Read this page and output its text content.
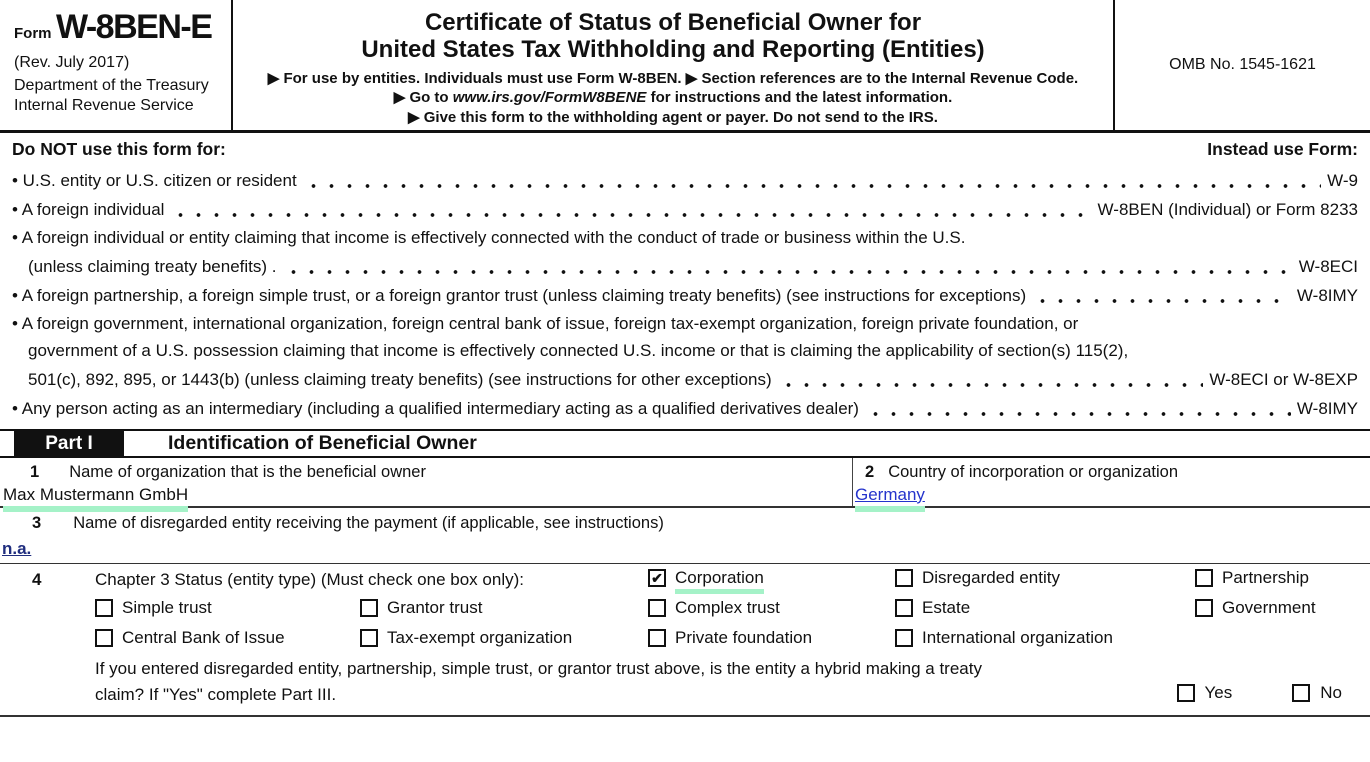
Form W-8BEN-E
(Rev. July 2017)
Department of the Treasury
Internal Revenue Service
Certificate of Status of Beneficial Owner for
United States Tax Withholding and Reporting (Entities)
▶ For use by entities. Individuals must use Form W-8BEN. ▶ Section references are to the Internal Revenue Code.
▶ Go to www.irs.gov/FormW8BENE for instructions and the latest information.
▶ Give this form to the withholding agent or payer. Do not send to the IRS.
OMB No. 1545-1621
Do NOT use this form for:	Instead use Form:
• U.S. entity or U.S. citizen or resident	W-9
• A foreign individual	W-8BEN (Individual) or Form 8233
• A foreign individual or entity claiming that income is effectively connected with the conduct of trade or business within the U.S.
(unless claiming treaty benefits) .	W-8ECI
• A foreign partnership, a foreign simple trust, or a foreign grantor trust (unless claiming treaty benefits) (see instructions for exceptions)	W-8IMY
• A foreign government, international organization, foreign central bank of issue, foreign tax-exempt organization, foreign private foundation, or
government of a U.S. possession claiming that income is effectively connected U.S. income or that is claiming the applicability of section(s) 115(2),
501(c), 892, 895, or 1443(b) (unless claiming treaty benefits) (see instructions for other exceptions)	W-8ECI or W-8EXP
• Any person acting as an intermediary (including a qualified intermediary acting as a qualified derivatives dealer)	W-8IMY
Part I	Identification of Beneficial Owner
1	Name of organization that is the beneficial owner
Max Mustermann GmbH
2 Country of incorporation or organization
Germany
3	Name of disregarded entity receiving the payment (if applicable, see instructions)
n.a.
4	Chapter 3 Status (entity type) (Must check one box only):	✔ Corporation	Disregarded entity	Partnership
Simple trust	Grantor trust	Complex trust	Estate	Government
Central Bank of Issue	Tax-exempt organization	Private foundation	International organization
If you entered disregarded entity, partnership, simple trust, or grantor trust above, is the entity a hybrid making a treaty
claim? If "Yes" complete Part III.	Yes	No
